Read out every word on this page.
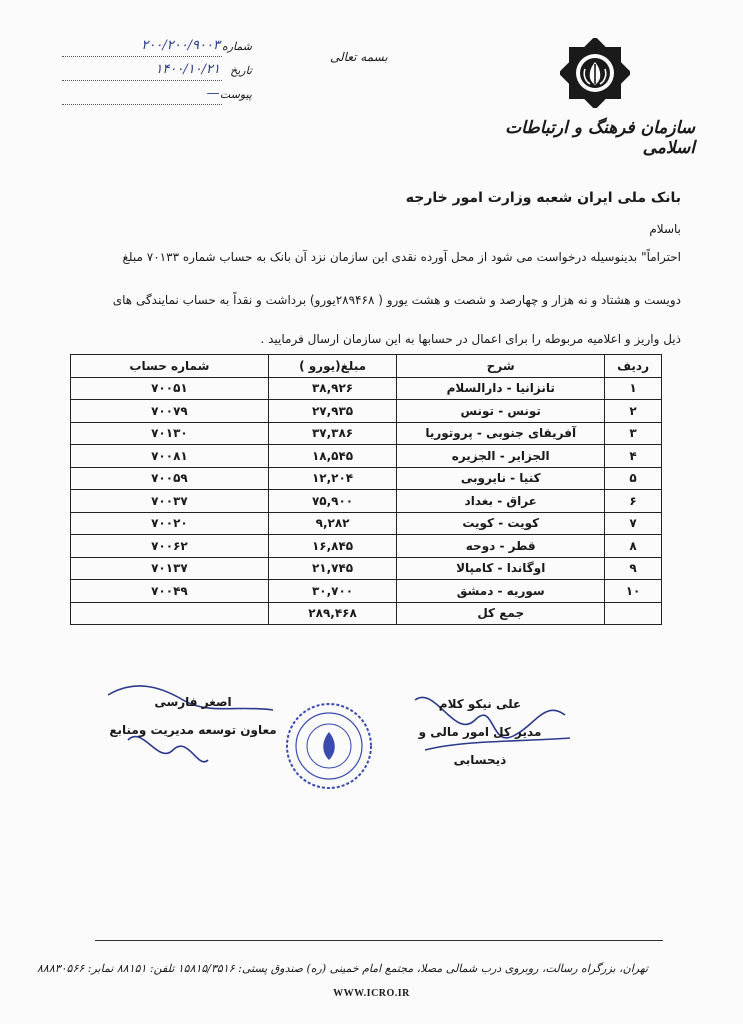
شماره
۲۰۰/۲۰۰/۹۰۰۳
تاریخ
۱۴۰۰/۱۰/۲۱
پیوست
—
بسمه تعالی
سازمان فرهنگ و ارتباطات اسلامی
بانک ملی ایران شعبه وزارت امور خارجه
باسلام
احتراماً" بدینوسیله درخواست می شود از محل آورده نقدی این سازمان نزد آن بانک به حساب شماره ۷۰۱۳۳ مبلغ
دویست و هشتاد و نه هزار و چهارصد و شصت و هشت یورو ( ۲۸۹۴۶۸یورو) برداشت و نقداً به حساب نمایندگی های
ذیل واریز و اعلامیه مربوطه را برای اعمال در حسابها به این سازمان ارسال فرمایید .
ردیف	شرح	مبلغ(یورو )	شماره حساب
۱	تانزانیا - دارالسلام	۳۸,۹۲۶	۷۰۰۵۱
۲	تونس - تونس	۲۷,۹۳۵	۷۰۰۷۹
۳	آفریقای جنوبی - پروتوریا	۳۷,۳۸۶	۷۰۱۳۰
۴	الجزایر - الجزیره	۱۸,۵۴۵	۷۰۰۸۱
۵	کنیا - نایروبی	۱۲,۲۰۴	۷۰۰۵۹
۶	عراق - بغداد	۷۵,۹۰۰	۷۰۰۳۷
۷	کویت - کویت	۹,۲۸۲	۷۰۰۲۰
۸	قطر - دوحه	۱۶,۸۴۵	۷۰۰۶۲
۹	اوگاندا - کامپالا	۲۱,۷۴۵	۷۰۱۳۷
۱۰	سوریه - دمشق	۳۰,۷۰۰	۷۰۰۴۹
	جمع کل	۲۸۹,۴۶۸	
علی نیکو کلام
مدیر کل امور مالی و ذیحسابی
اصغر فارسی
معاون توسعه مدیریت ومنابع
تهران، بزرگراه رسالت، روبروی درب شمالی مصلا، مجتمع امام خمینی (ره) صندوق پستی: ۱۵۸۱۵/۳۵۱۶ تلفن: ۸۸۱۵۱ نمابر: ۸۸۸۳۰۵۶۶
WWW.ICRO.IR
